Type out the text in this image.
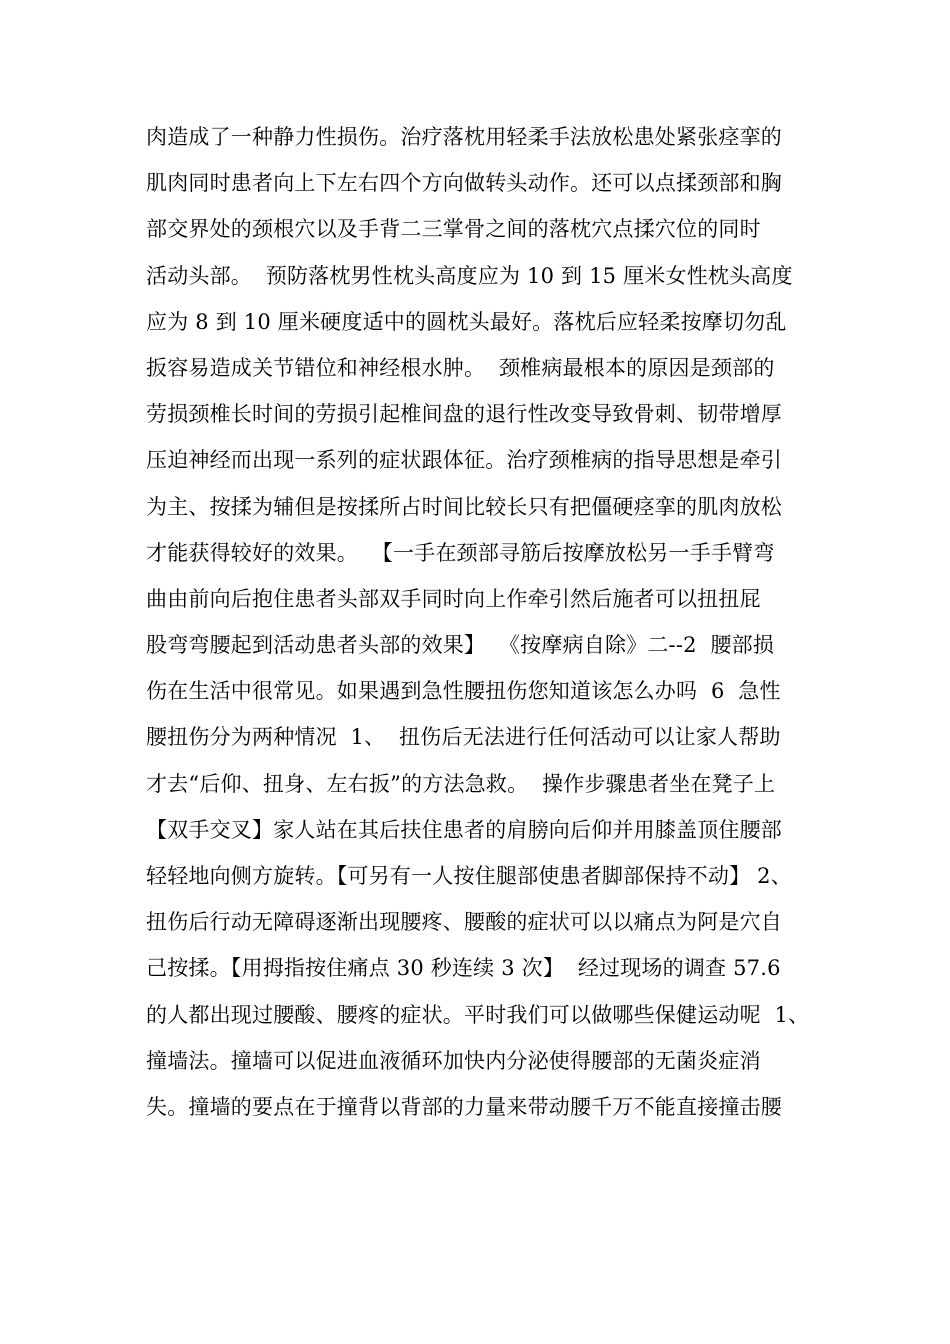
肉造成了一种静力性损伤。治疗落枕用轻柔手法放松患处紧张痉挛的
肌肉同时患者向上下左右四个方向做转头动作。还可以点揉颈部和胸
部交界处的颈根穴以及手背二三掌骨之间的落枕穴点揉穴位的同时
活动头部。  预防落枕男性枕头高度应为 10 到 15 厘米女性枕头高度
应为 8 到 10 厘米硬度适中的圆枕头最好。落枕后应轻柔按摩切勿乱
扳容易造成关节错位和神经根水肿。  颈椎病最根本的原因是颈部的
劳损颈椎长时间的劳损引起椎间盘的退行性改变导致骨刺、韧带增厚
压迫神经而出现一系列的症状跟体征。治疗颈椎病的指导思想是牵引
为主、按揉为辅但是按揉所占时间比较长只有把僵硬痉挛的肌肉放松
才能获得较好的效果。  【一手在颈部寻筋后按摩放松另一手手臂弯
曲由前向后抱住患者头部双手同时向上作牵引然后施者可以扭扭屁
股弯弯腰起到活动患者头部的效果】  《按摩病自除》二--2  腰部损
伤在生活中很常见。如果遇到急性腰扭伤您知道该怎么办吗  6  急性
腰扭伤分为两种情况  1、  扭伤后无法进行任何活动可以让家人帮助
才去“后仰、扭身、左右扳”的方法急救。  操作步骤患者坐在凳子上
【双手交叉】家人站在其后扶住患者的肩膀向后仰并用膝盖顶住腰部
轻轻地向侧方旋转。【可另有一人按住腿部使患者脚部保持不动】 2、
扭伤后行动无障碍逐渐出现腰疼、腰酸的症状可以以痛点为阿是穴自
己按揉。【用拇指按住痛点 30 秒连续 3 次】  经过现场的调查 57.6
的人都出现过腰酸、腰疼的症状。平时我们可以做哪些保健运动呢  1、
撞墙法。撞墙可以促进血液循环加快内分泌使得腰部的无菌炎症消
失。撞墙的要点在于撞背以背部的力量来带动腰千万不能直接撞击腰
